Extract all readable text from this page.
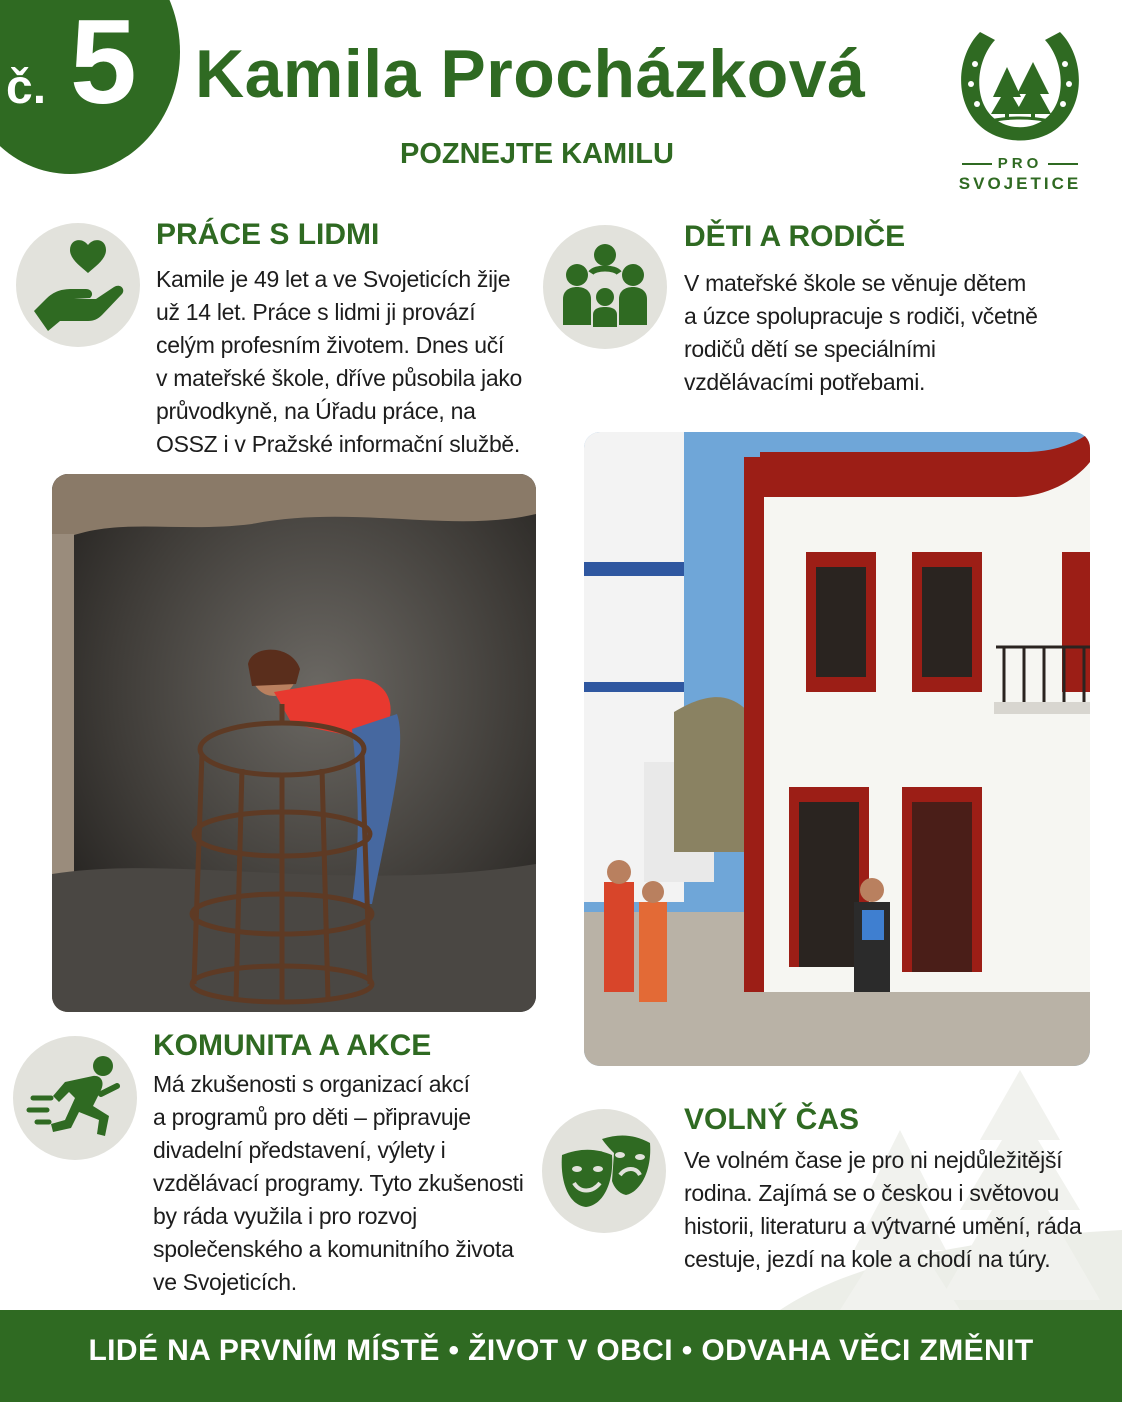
č. 5 Kamila Procházková
POZNEJTE KAMILU	PRO
SVOJETICE
PRÁCE S LIDMI
Kamile je 49 let a ve Svojeticích žije
už 14 let. Práce s lidmi ji provází
celým profesním životem. Dnes učí
v mateřské škole, dříve působila jako
průvodkyně, na Úřadu práce, na
OSSZ i v Pražské informační službě.
DĚTI A RODIČE
V mateřské škole se věnuje dětem
a úzce spolupracuje s rodiči, včetně
rodičů dětí se speciálními
vzdělávacími potřebami.
KOMUNITA A AKCE
Má zkušenosti s organizací akcí
a programů pro děti – připravuje
divadelní představení, výlety i
vzdělávací programy. Tyto zkušenosti
by ráda využila i pro rozvoj
společenského a komunitního života
ve Svojeticích.
VOLNÝ ČAS
Ve volném čase je pro ni nejdůležitější
rodina. Zajímá se o českou i světovou
historii, literaturu a výtvarné umění, ráda
cestuje, jezdí na kole a chodí na túry.
LIDÉ NA PRVNÍM MÍSTĚ • ŽIVOT V OBCI • ODVAHA VĚCI ZMĚNIT
